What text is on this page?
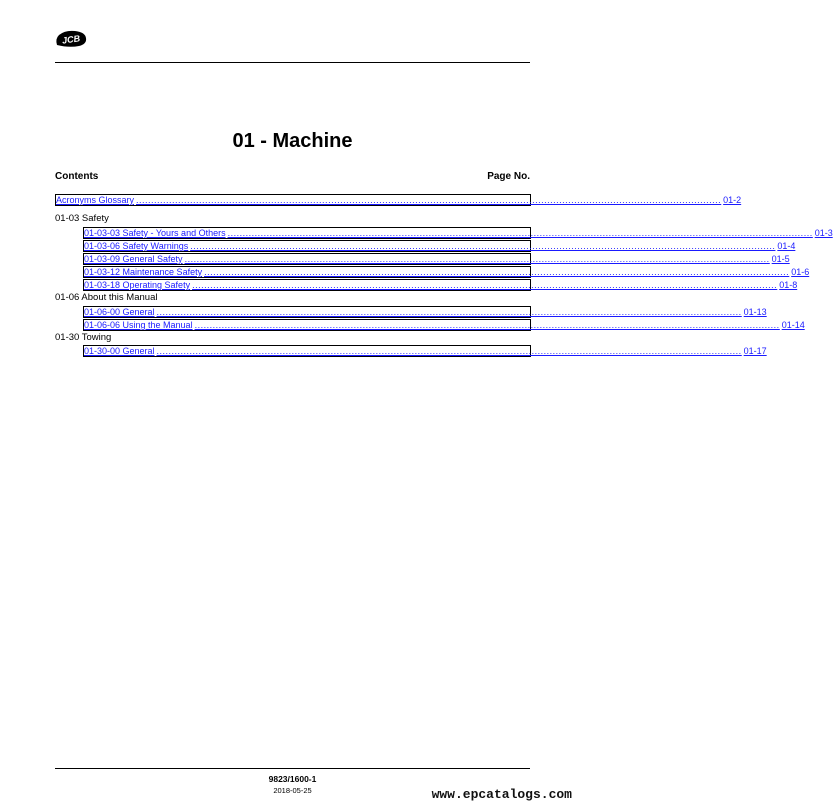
JCB
01 - Machine
Contents	Page No.
Acronyms Glossary ................................................................................................................................................................................................... 01-2
01-03 Safety
01-03-03 Safety - Yours and Others ................................................................................................................................................................................................... 01-3
01-03-06 Safety Warnings ................................................................................................................................................................................................... 01-4
01-03-09 General Safety ................................................................................................................................................................................................... 01-5
01-03-12 Maintenance Safety ................................................................................................................................................................................................... 01-6
01-03-18 Operating Safety ................................................................................................................................................................................................... 01-8
01-06 About this Manual
01-06-00 General ................................................................................................................................................................................................... 01-13
01-06-06 Using the Manual ................................................................................................................................................................................................... 01-14
01-30 Towing
01-30-00 General ................................................................................................................................................................................................... 01-17
9823/1600-1
2018-05-25	www.epcatalogs.com
